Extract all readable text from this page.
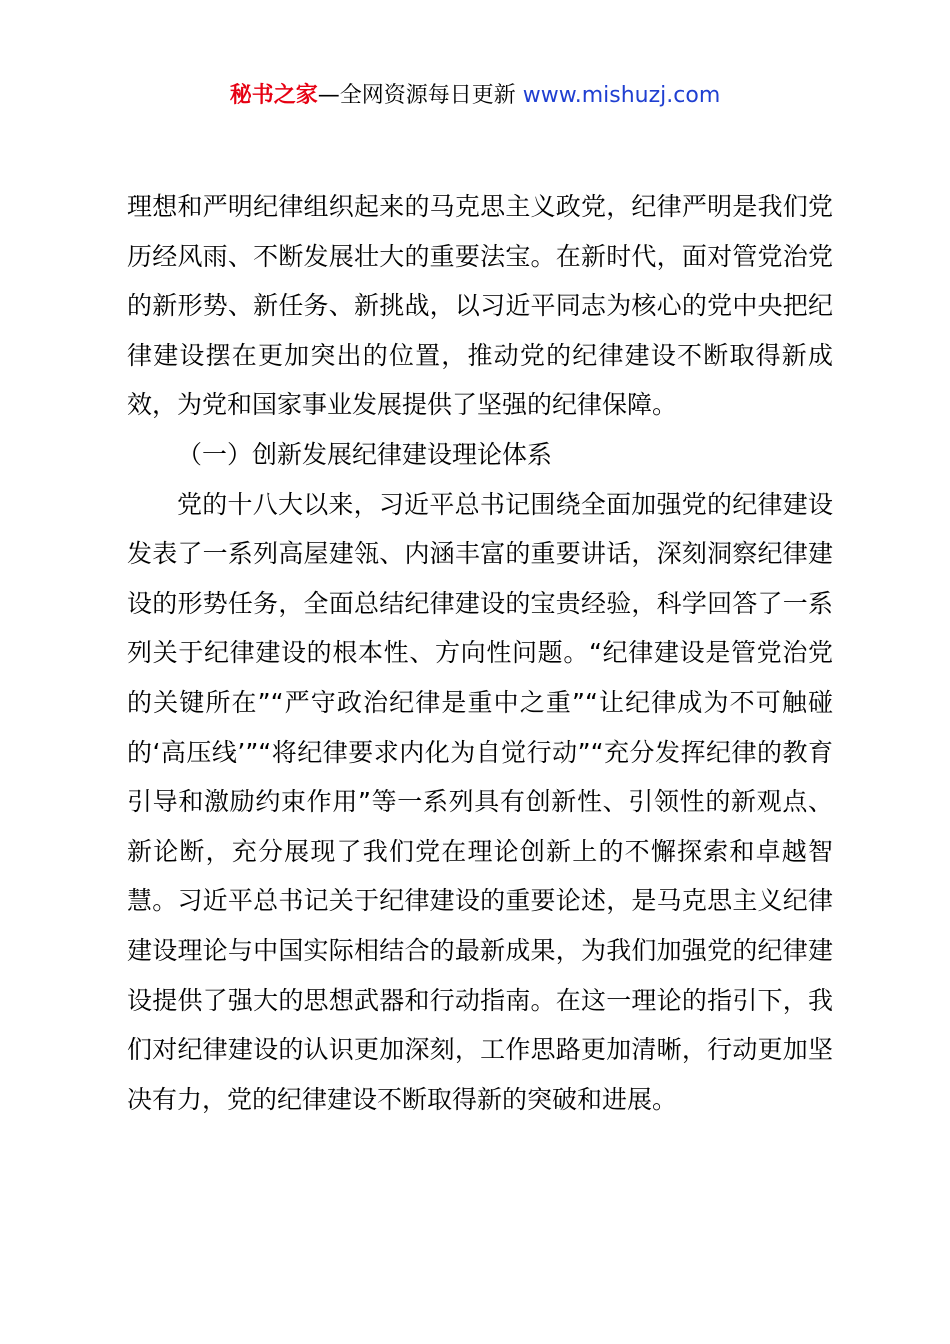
秘书之家—全网资源每日更新 www.mishuzj.com

理想和严明纪律组织起来的马克思主义政党，纪律严明是我们党历经风雨、不断发展壮大的重要法宝。在新时代，面对管党治党的新形势、新任务、新挑战，以习近平同志为核心的党中央把纪律建设摆在更加突出的位置，推动党的纪律建设不断取得新成效，为党和国家事业发展提供了坚强的纪律保障。

（一）创新发展纪律建设理论体系

党的十八大以来，习近平总书记围绕全面加强党的纪律建设发表了一系列高屋建瓴、内涵丰富的重要讲话，深刻洞察纪律建设的形势任务，全面总结纪律建设的宝贵经验，科学回答了一系列关于纪律建设的根本性、方向性问题。“纪律建设是管党治党的关键所在”“严守政治纪律是重中之重”“让纪律成为不可触碰的‘高压线’”“将纪律要求内化为自觉行动”“充分发挥纪律的教育引导和激励约束作用”等一系列具有创新性、引领性的新观点、新论断，充分展现了我们党在理论创新上的不懈探索和卓越智慧。习近平总书记关于纪律建设的重要论述，是马克思主义纪律建设理论与中国实际相结合的最新成果，为我们加强党的纪律建设提供了强大的思想武器和行动指南。在这一理论的指引下，我们对纪律建设的认识更加深刻，工作思路更加清晰，行动更加坚决有力，党的纪律建设不断取得新的突破和进展。
